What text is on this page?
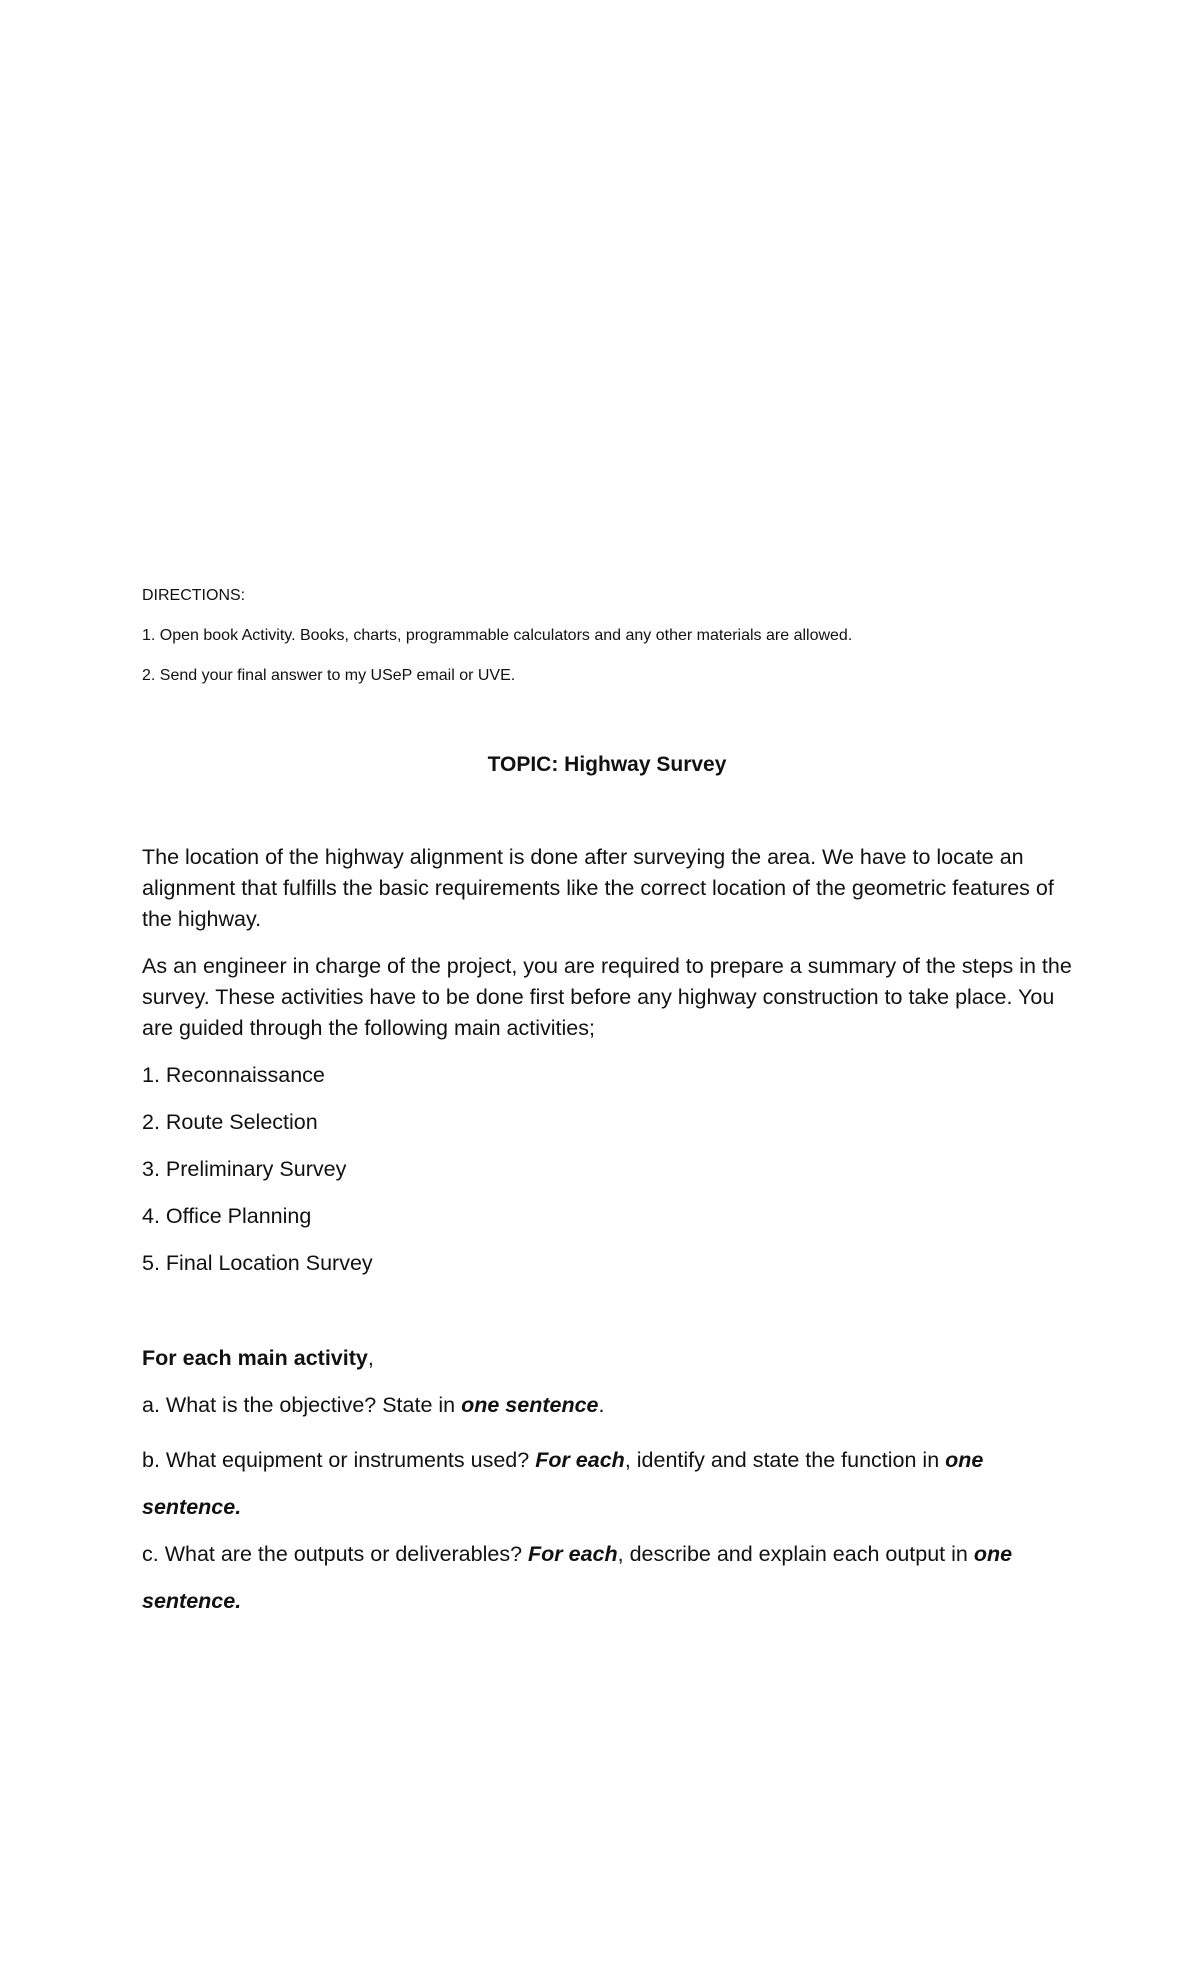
DIRECTIONS:

1. Open book Activity. Books, charts, programmable calculators and any other materials are allowed.

2. Send your final answer to my USeP email or UVE.

TOPIC: Highway Survey

The location of the highway alignment is done after surveying the area. We have to locate an alignment that fulfills the basic requirements like the correct location of the geometric features of the highway.

As an engineer in charge of the project, you are required to prepare a summary of the steps in the survey. These activities have to be done first before any highway construction to take place. You are guided through the following main activities;

1. Reconnaissance
2. Route Selection
3. Preliminary Survey
4. Office Planning
5. Final Location Survey

For each main activity,

a. What is the objective? State in one sentence.

b. What equipment or instruments used? For each, identify and state the function in one sentence.

c. What are the outputs or deliverables? For each, describe and explain each output in one sentence.
